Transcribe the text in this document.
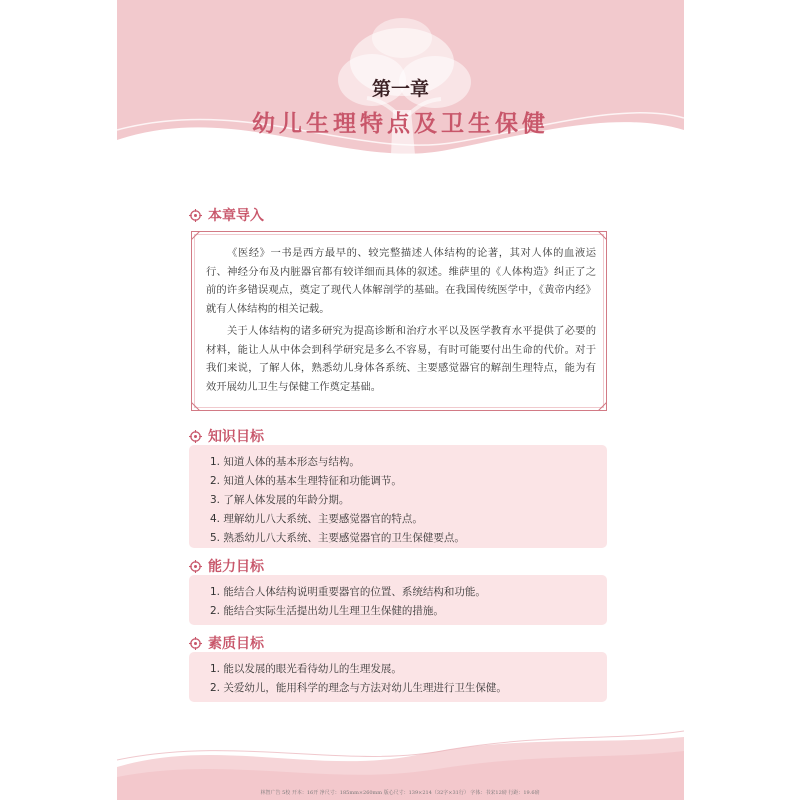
第一章
幼儿生理特点及卫生保健
本章导入

《医经》一书是西方最早的、较完整描述人体结构的论著，其对人体的血液运行、神经分布及内脏器官都有较详细而具体的叙述。维萨里的《人体构造》纠正了之前的许多错误观点，奠定了现代人体解剖学的基础。在我国传统医学中，《黄帝内经》就有人体结构的相关记载。

关于人体结构的诸多研究为提高诊断和治疗水平以及医学教育水平提供了必要的材料，能让人从中体会到科学研究是多么不容易，有时可能要付出生命的代价。对于我们来说，了解人体，熟悉幼儿身体各系统、主要感觉器官的解剖生理特点，能为有效开展幼儿卫生与保健工作奠定基础。

知识目标
1. 知道人体的基本形态与结构。
2. 知道人体的基本生理特征和功能调节。
3. 了解人体发展的年龄分期。
4. 理解幼儿八大系统、主要感觉器官的特点。
5. 熟悉幼儿八大系统、主要感觉器官的卫生保健要点。
能力目标
1. 能结合人体结构说明重要器官的位置、系统结构和功能。
2. 能结合实际生活提出幼儿生理卫生保健的措施。
素质目标
1. 能以发展的眼光看待幼儿的生理发展。
2. 关爱幼儿，能用科学的理念与方法对幼儿生理进行卫生保健。
林智广告 5校 开本：16开 净尺寸：185mm×260mm 版心尺寸：139×214（32字×31行） 字体：书宋12磅 行距：19.6磅
